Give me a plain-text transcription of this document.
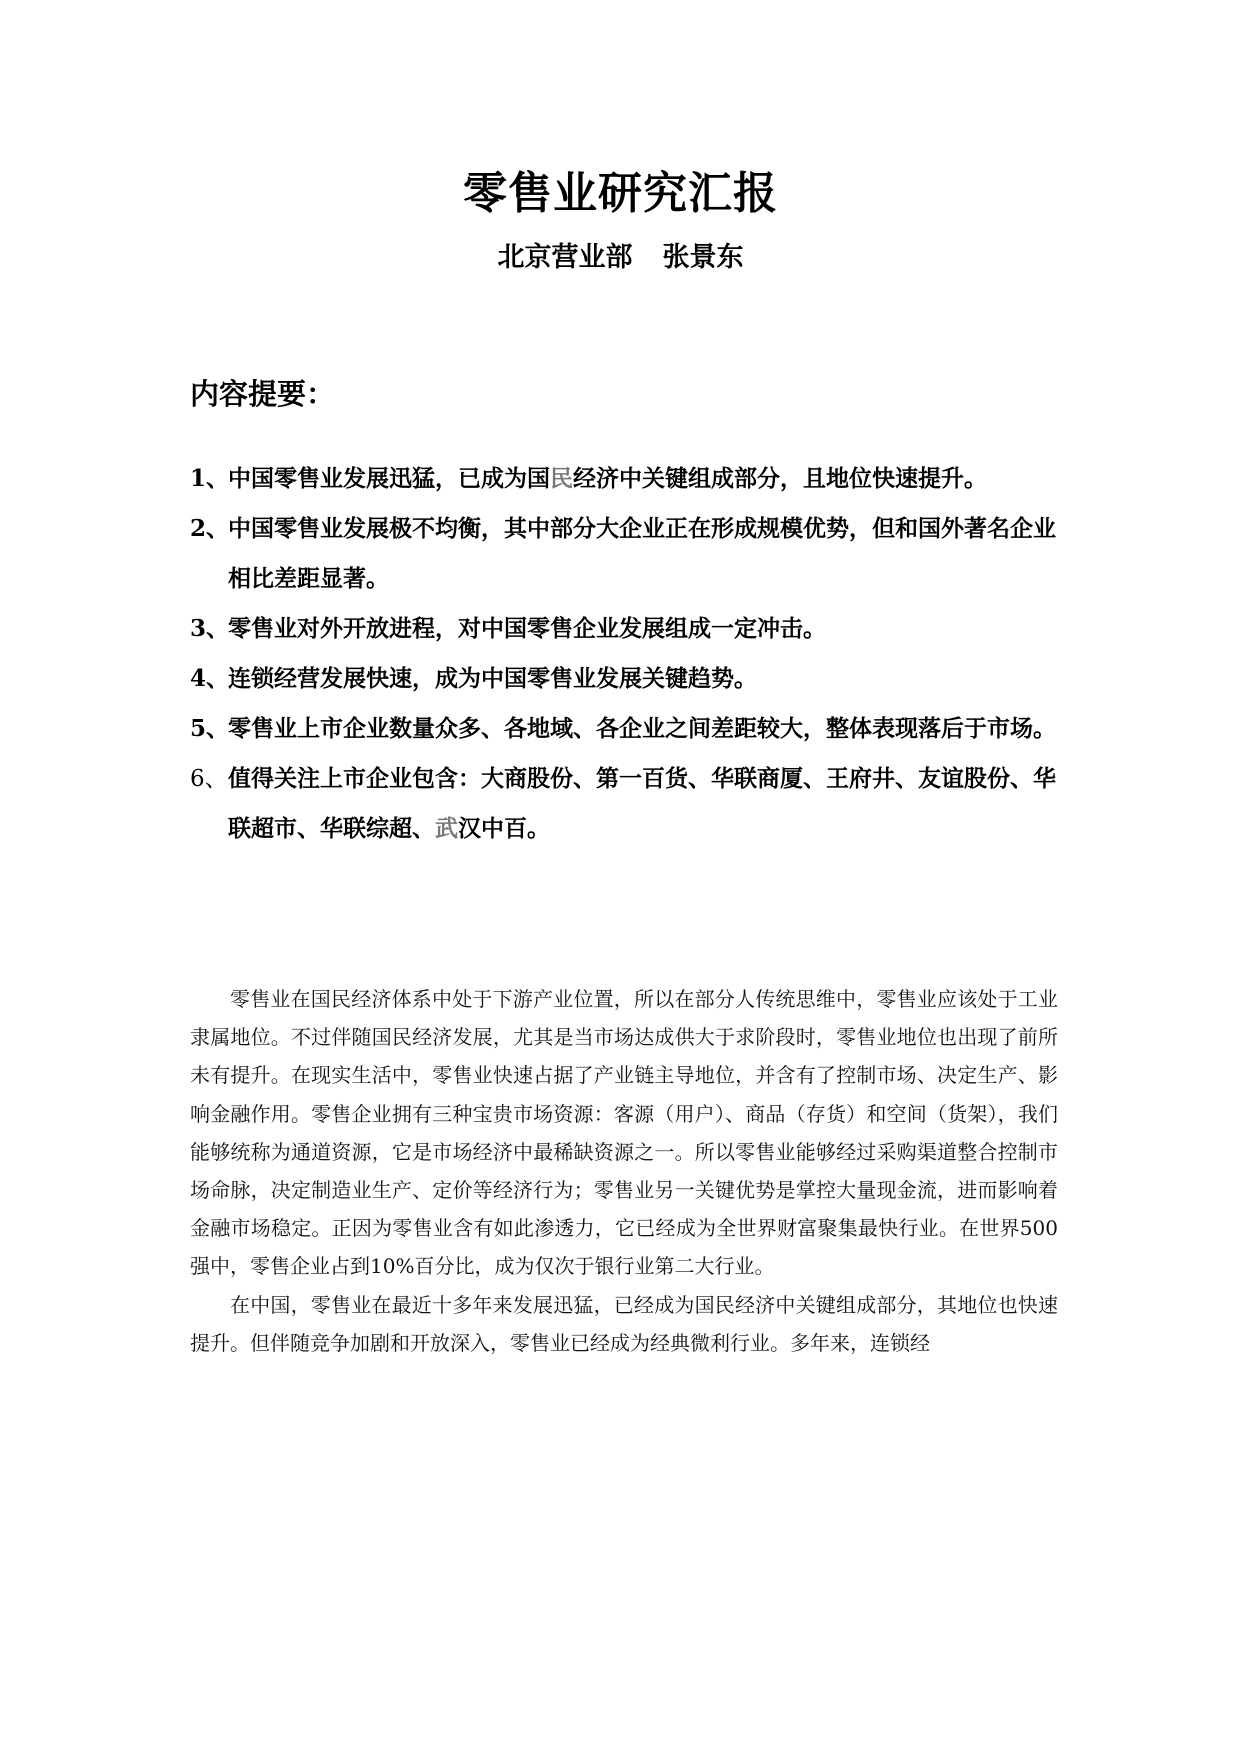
零售业研究汇报
北京营业部 张景东
内容提要：
1、
中国零售业发展迅猛，已成为国民经济中关键组成部分，且地位快速提升。
2、
中国零售业发展极不均衡，其中部分大企业正在形成规模优势，但和国外著名企业相比差距显著。
3、
零售业对外开放进程，对中国零售企业发展组成一定冲击。
4、
连锁经营发展快速，成为中国零售业发展关键趋势。
5、
零售业上市企业数量众多、各地域、各企业之间差距较大，整体表现落后于市场。
6、 值得关注上市企业包含：大商股份、第一百货、华联商厦、王府井、友谊股份、华联超市、华联综超、武汉中百。

零售业在国民经济体系中处于下游产业位置，所以在部分人传统思维中，零售业应该处于工业隶属地位。不过伴随国民经济发展，尤其是当市场达成供大于求阶段时，零售业地位也出现了前所未有提升。在现实生活中，零售业快速占据了产业链主导地位，并含有了控制市场、决定生产、影响金融作用。零售企业拥有三种宝贵市场资源：客源（用户）、商品（存货）和空间（货架），我们能够统称为通道资源，它是市场经济中最稀缺资源之一。所以零售业能够经过采购渠道整合控制市场命脉，决定制造业生产、定价等经济行为；零售业另一关键优势是掌控大量现金流，进而影响着金融市场稳定。正因为零售业含有如此渗透力，它已经成为全世界财富聚集最快行业。在世界500强中，零售企业占到10%百分比，成为仅次于银行业第二大行业。

在中国，零售业在最近十多年来发展迅猛，已经成为国民经济中关键组成部分，其地位也快速提升。但伴随竞争加剧和开放深入，零售业已经成为经典微利行业。多年来，连锁经
